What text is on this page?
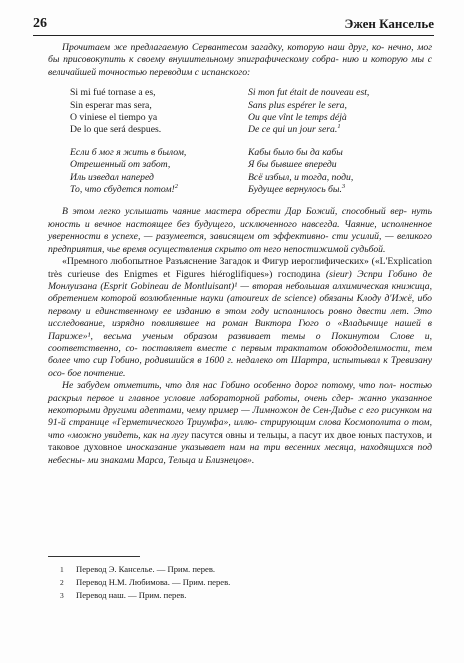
26	Эжен Канселье

Прочитаем же предлагаемую Сервантесом загадку, которую наш друг, ко- нечно, мог бы присовокупить к своему внушительному эпиграфическому собра- нию и которую мы с величайшей точностью переводим с испанского:

Si mi fué tornase a es,
Sin esperar mas sera,
O viniese el tiempo ya
De lo que será despues.
Si mon fut était de nouveau est,
Sans plus espérer le sera,
Ou que vînt le temps déjà
De ce qui un jour sera.$^1$
Если б мог я жить в былом,
Отрешенный от забот,
Иль изведал наперед
То, что сбудется потом!$^2$
Кабы было бы да кабы
Я бы бывшее впереди
Всё избыл, и тогда, поди,
Будущее вернулось бы.$^3$

В этом легко услышать чаяние мастера обрести Дар Божий, способный вер- нуть юность и вечное настоящее без будущего, исключенного навсегда. Чаяние, исполненное уверенности в успехе, — разумеется, зависящем от эффективно- сти усилий, — великого предприятия, чье время осуществления скрыто от него непостижимой судьбой.

«Премного любопытное Разъяснение Загадок и Фигур иероглифических» («L'Explication très curieuse des Enigmes et Figures hiéroglifiques») господина (sieur) Эспри Гобино де Монлуизана (Esprit Gobineau de Montluisant)¹ — вторая небольшая алхимическая книжица, обретением которой возлюбленные науки (amoureux de science) обязаны Клоду д'Ижё, ибо первому и единственному ее изданию в этом году исполнилось ровно двести лет. Это исследование, изрядно повлиявшее на роман Виктора Гюго о «Владычице нашей в Париже»¹, весьма ученым образом развивает темы о Покинутом Слове и, соответственно, со- поставляет вместе с первым трактатом обоюдоделимости, тем более что сир Гобино, родившийся в 1600 г. недалеко от Шартра, испытывал к Тревизану осо- бое почтение.

Не забудем отметить, что для нас Гобино особенно дорог потому, что пол- ностью раскрыл первое и главное условие лабораторной работы, очень сдер- жанно указанное некоторыми другими адептами, чему пример — Лимножон де Сен-Дидье с его рисунком на 91-й странице «Герметического Триумфа», иллю- стрирующим слова Космополита о том, что «можно увидеть, как на лугу пасутся овны и тельцы, а пасут их двое юных пастухов, и таковое духовное иносказание указывает нам на три весенних месяца, находящихся под небесны- ми знаками Марса, Тельца и Близнецов».

1 Перевод Э. Канселье. — Прим. перев.
2 Перевод Н.М. Любимова. — Прим. перев.
3 Перевод наш. — Прим. перев.
